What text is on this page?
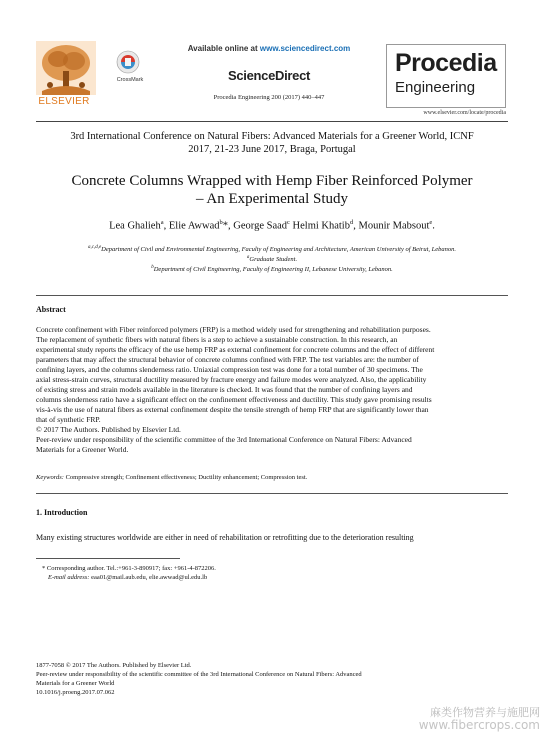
ELSEVIER
CrossMark
Available online at www.sciencedirect.com
ScienceDirect
Procedia Engineering 200 (2017) 440–447
Procedia
Engineering
www.elsevier.com/locate/procedia
3rd International Conference on Natural Fibers: Advanced Materials for a Greener World, ICNF
2017, 21-23 June 2017, Braga, Portugal
Concrete Columns Wrapped with Hemp Fiber Reinforced Polymer
– An Experimental Study
Lea Ghalieh$^a$, Elie Awwad$^b$*, George Saad$^c$ Helmi Khatib$^d$, Mounir Mabsout$^e$.
$^{a,c,d,e}$Department of Civil and Environmental Engineering, Faculty of Engineering and Architecture, American University of Beirut, Lebanon.
$^a$Graduate Student.
$^b$Department of Civil Engineering, Faculty of Engineering II, Lebanese University, Lebanon.
Abstract

Concrete confinement with Fiber reinforced polymers (FRP) is a method widely used for strengthening and rehabilitation purposes.

The replacement of synthetic fibers with natural fibers is a step to achieve a sustainable construction. In this research, an

experimental study reports the efficacy of the use hemp FRP as external confinement for concrete columns and the effect of different

parameters that may affect the structural behavior of concrete columns confined with FRP. The test variables are: the number of

confining layers, and the columns slenderness ratio. Uniaxial compression test was done for a total number of 30 specimens. The

axial stress-strain curves, structural ductility measured by fracture energy and failure modes were analyzed. Also, the applicability

of existing stress and strain models available in the literature is checked. It was found that the number of confining layers and

columns slenderness ratio have a significant effect on the confinement effectiveness and ductility. This study gave promising results

vis-à-vis the use of natural fibers as external confinement despite the tensile strength of hemp FRP that are significantly lower than

that of synthetic FRP.

© 2017 The Authors. Published by Elsevier Ltd.

Peer-review under responsibility of the scientific committee of the 3rd International Conference on Natural Fibers: Advanced

Materials for a Greener World.

Keywords: Compressive strength; Confinement effectiveness; Ductility enhancement; Compression test.
1. Introduction
Many existing structures worldwide are either in need of rehabilitation or retrofitting due to the deterioration resulting
* Corresponding author. Tel.:+961-3-890917; fax: +961-4-872206.
E-mail address: eaa01@mail.aub.edu, elie.awwad@ul.edu.lb
1877-7058 © 2017 The Authors. Published by Elsevier Ltd.
Peer-review under responsibility of the scientific committee of the 3rd International Conference on Natural Fibers: Advanced
Materials for a Greener World
10.1016/j.proeng.2017.07.062
麻类作物营养与施肥网
www.fibercrops.com
